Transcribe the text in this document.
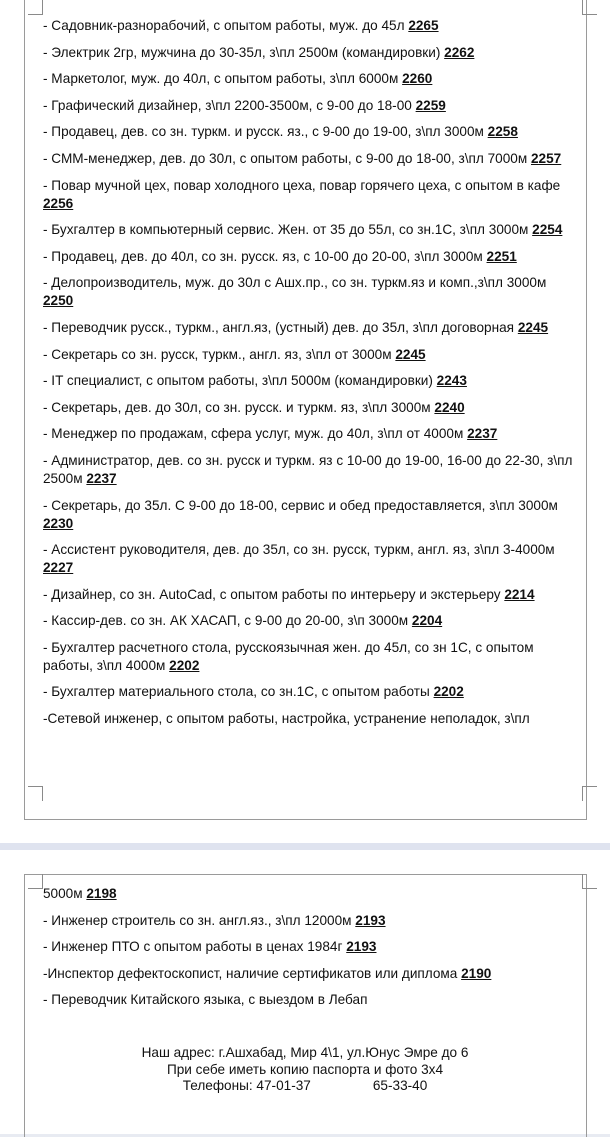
- Садовник-разнорабочий, с опытом работы, муж. до 45л 2265
- Электрик 2гр, мужчина до 30-35л, з\пл 2500м (командировки) 2262
- Маркетолог, муж. до 40л, с опытом работы, з\пл 6000м 2260
- Графический дизайнер, з\пл 2200-3500м, с 9-00 до 18-00 2259
- Продавец, дев. со зн. туркм. и русск. яз., с 9-00 до 19-00, з\пл 3000м 2258
- СММ-менеджер, дев. до 30л, с опытом работы, с 9-00 до 18-00, з\пл 7000м 2257
- Повар мучной цех, повар холодного цеха, повар горячего цеха, с опытом в кафе 2256
- Бухгалтер в компьютерный сервис. Жен. от 35 до 55л, со зн.1С, з\пл 3000м 2254
- Продавец, дев. до 40л, со зн. русск. яз, с 10-00 до 20-00, з\пл 3000м 2251
- Делопроизводитель, муж. до 30л с Ашх.пр., со зн. туркм.яз и комп.,з\пл 3000м 2250
- Переводчик русск., туркм., англ.яз, (устный) дев. до 35л, з\пл договорная 2245
- Секретарь со зн. русск, туркм., англ. яз, з\пл от 3000м 2245
- IT специалист, с опытом работы, з\пл 5000м (командировки) 2243
- Секретарь, дев. до 30л, со зн. русск. и туркм. яз, з\пл 3000м 2240
- Менеджер по продажам, сфера услуг, муж. до 40л, з\пл от 4000м 2237
- Администратор, дев. со зн. русск и туркм. яз с 10-00 до 19-00, 16-00 до 22-30, з\пл 2500м 2237
- Секретарь, до 35л. С 9-00 до 18-00, сервис и обед предоставляется, з\пл 3000м 2230
- Ассистент руководителя, дев. до 35л, со зн. русск, туркм, англ. яз, з\пл 3-4000м 2227
- Дизайнер, со зн. AutoCad, с опытом работы по интерьеру и экстерьеру 2214
- Кассир-дев. со зн. АК ХАСАП, с 9-00 до 20-00, з\п 3000м 2204
- Бухгалтер расчетного стола, русскоязычная жен. до 45л, со зн 1С, с опытом работы, з\пл 4000м 2202
- Бухгалтер материального стола, со зн.1С, с опытом работы 2202
-Сетевой инженер, с опытом работы, настройка, устранение неполадок, з\пл
5000м 2198
- Инженер строитель со зн. англ.яз., з\пл 12000м 2193
- Инженер ПТО с опытом работы в ценах 1984г 2193
-Инспектор дефектоскопист, наличие сертификатов или диплома 2190
- Переводчик Китайского языка, с выездом в Лебап
Наш адрес: г.Ашхабад, Мир 4\1, ул.Юнус Эмре до 6
При себе иметь копию паспорта и фото 3х4
Телефоны: 47-01-37	65-33-40
